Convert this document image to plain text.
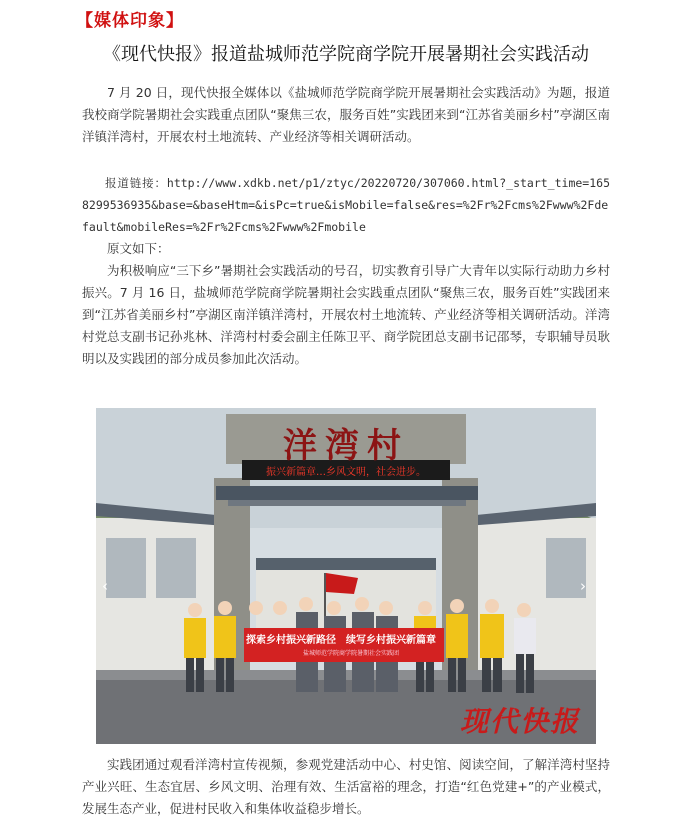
【媒体印象】
《现代快报》报道盐城师范学院商学院开展暑期社会实践活动
7 月 20 日，现代快报全媒体以《盐城师范学院商学院开展暑期社会实践活动》为题，报道我校商学院暑期社会实践重点团队“聚焦三农，服务百姓”实践团来到“江苏省美丽乡村”亭湖区南洋镇洋湾村，开展农村土地流转、产业经济等相关调研活动。
报道链接：http://www.xdkb.net/p1/ztyc/20220720/307060.html?_start_time=1658299536935&base=&baseHtm=&isPc=true&isMobile=false&res=%2Fr%2Fcms%2Fwww%2Fdefault&mobileRes=%2Fr%2Fcms%2Fwww%2Fmobile
原文如下：
为积极响应“三下乡”暑期社会实践活动的号召，切实教育引导广大青年以实际行动助力乡村振兴。7 月 16 日，盐城师范学院商学院暑期社会实践重点团队“聚焦三农，服务百姓”实践团来到“江苏省美丽乡村”亭湖区南洋镇洋湾村，开展农村土地流转、产业经济等相关调研活动。洋湾村党总支副书记孙兆林、洋湾村村委会副主任陈卫平、商学院团总支副书记邵琴，专职辅导员耿明以及实践团的部分成员参加此次活动。
洋湾村
振兴新篇章…乡风文明，社会进步。
探索乡村振兴新路径	续写乡村振兴新篇章
盐城师范学院商学院暑期社会实践团
现代快报
‹	›
实践团通过观看洋湾村宣传视频，参观党建活动中心、村史馆、阅读空间，了解洋湾村坚持产业兴旺、生态宜居、乡风文明、治理有效、生活富裕的理念，打造“红色党建+”的产业模式，发展生态产业，促进村民收入和集体收益稳步增长。
